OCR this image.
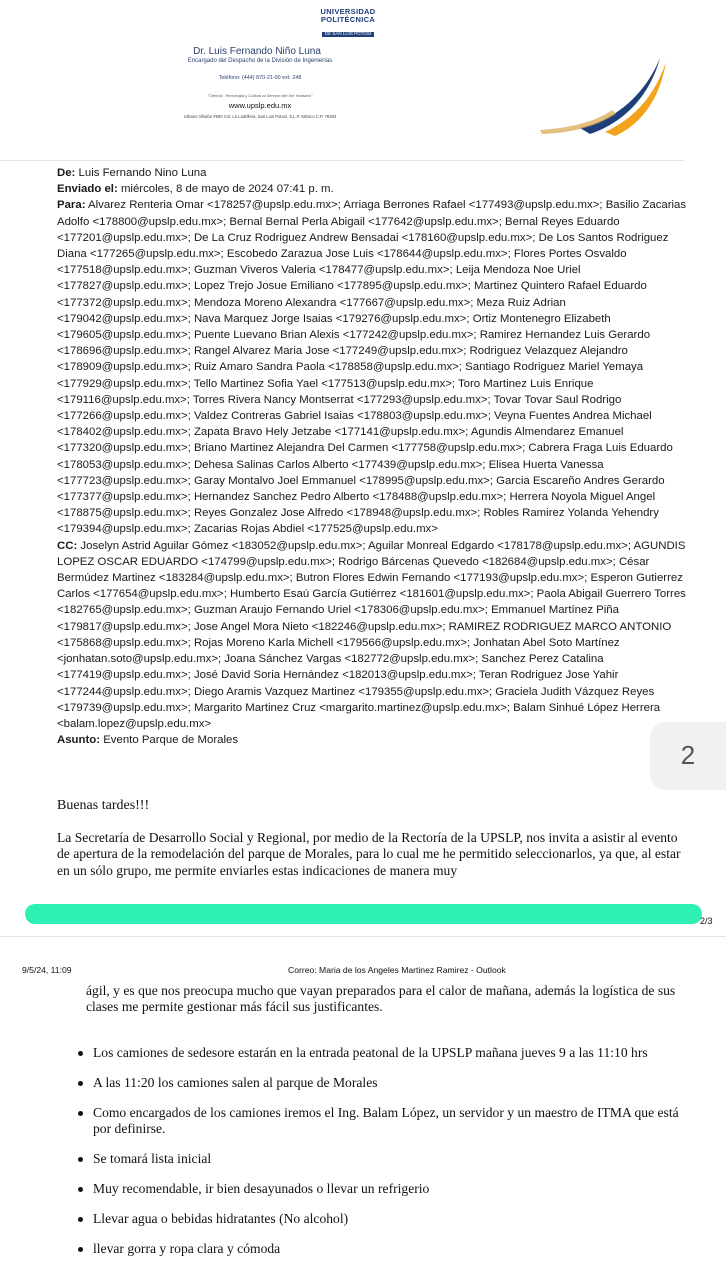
UNIVERSIDAD
POLITÉCNICA
DE SAN LUIS POTOSÍ
Dr. Luis Fernando Niño Luna
Encargado del Despacho de la División de Ingenierías
Teléfono: (444) 870-21-00 ext. 248
"Ciencia, Tecnología y Cultura al Servicio del Ser Humano"
www.upslp.edu.mx
Urbano Villalón #500 Col. La Ladrillera, San Luis Potosí, S.L.P. México C.P. 78363

De: Luis Fernando Nino Luna

Enviado el: miércoles, 8 de mayo de 2024 07:41 p. m.

Para: Alvarez Renteria Omar <178257@upslp.edu.mx>; Arriaga Berrones Rafael <177493@upslp.edu.mx>; Basilio Zacarias Adolfo <178800@upslp.edu.mx>; Bernal Bernal Perla Abigail <177642@upslp.edu.mx>; Bernal Reyes Eduardo <177201@upslp.edu.mx>; De La Cruz Rodriguez Andrew Bensadai <178160@upslp.edu.mx>; De Los Santos Rodriguez Diana <177265@upslp.edu.mx>; Escobedo Zarazua Jose Luis <178644@upslp.edu.mx>; Flores Portes Osvaldo <177518@upslp.edu.mx>; Guzman Viveros Valeria <178477@upslp.edu.mx>; Leija Mendoza Noe Uriel <177827@upslp.edu.mx>; Lopez Trejo Josue Emiliano <177895@upslp.edu.mx>; Martinez Quintero Rafael Eduardo <177372@upslp.edu.mx>; Mendoza Moreno Alexandra <177667@upslp.edu.mx>; Meza Ruiz Adrian <179042@upslp.edu.mx>; Nava Marquez Jorge Isaias <179276@upslp.edu.mx>; Ortiz Montenegro Elizabeth <179605@upslp.edu.mx>; Puente Luevano Brian Alexis <177242@upslp.edu.mx>; Ramirez Hernandez Luis Gerardo <178696@upslp.edu.mx>; Rangel Alvarez Maria Jose <177249@upslp.edu.mx>; Rodriguez Velazquez Alejandro <178909@upslp.edu.mx>; Ruiz Amaro Sandra Paola <178858@upslp.edu.mx>; Santiago Rodriguez Mariel Yemaya <177929@upslp.edu.mx>; Tello Martinez Sofia Yael <177513@upslp.edu.mx>; Toro Martinez Luis Enrique <179116@upslp.edu.mx>; Torres Rivera Nancy Montserrat <177293@upslp.edu.mx>; Tovar Tovar Saul Rodrigo <177266@upslp.edu.mx>; Valdez Contreras Gabriel Isaias <178803@upslp.edu.mx>; Veyna Fuentes Andrea Michael <178402@upslp.edu.mx>; Zapata Bravo Hely Jetzabe <177141@upslp.edu.mx>; Agundis Almendarez Emanuel <177320@upslp.edu.mx>; Briano Martinez Alejandra Del Carmen <177758@upslp.edu.mx>; Cabrera Fraga Luis Eduardo <178053@upslp.edu.mx>; Dehesa Salinas Carlos Alberto <177439@upslp.edu.mx>; Elisea Huerta Vanessa <177723@upslp.edu.mx>; Garay Montalvo Joel Emmanuel <178995@upslp.edu.mx>; Garcia Escareño Andres Gerardo <177377@upslp.edu.mx>; Hernandez Sanchez Pedro Alberto <178488@upslp.edu.mx>; Herrera Noyola Miguel Angel <178875@upslp.edu.mx>; Reyes Gonzalez Jose Alfredo <178948@upslp.edu.mx>; Robles Ramirez Yolanda Yehendry <179394@upslp.edu.mx>; Zacarias Rojas Abdiel <177525@upslp.edu.mx>

CC: Joselyn Astrid Aguilar Gómez <183052@upslp.edu.mx>; Aguilar Monreal Edgardo <178178@upslp.edu.mx>; AGUNDIS LOPEZ OSCAR EDUARDO <174799@upslp.edu.mx>; Rodrigo Bárcenas Quevedo <182684@upslp.edu.mx>; César Bermúdez Martinez <183284@upslp.edu.mx>; Butron Flores Edwin Fernando <177193@upslp.edu.mx>; Esperon Gutierrez Carlos <177654@upslp.edu.mx>; Humberto Esaú García Gutiérrez <181601@upslp.edu.mx>; Paola Abigail Guerrero Torres <182765@upslp.edu.mx>; Guzman Araujo Fernando Uriel <178306@upslp.edu.mx>; Emmanuel Martínez Piña <179817@upslp.edu.mx>; Jose Angel Mora Nieto <182246@upslp.edu.mx>; RAMIREZ RODRIGUEZ MARCO ANTONIO <175868@upslp.edu.mx>; Rojas Moreno Karla Michell <179566@upslp.edu.mx>; Jonhatan Abel Soto Martínez <jonhatan.soto@upslp.edu.mx>; Joana Sánchez Vargas <182772@upslp.edu.mx>; Sanchez Perez Catalina <177419@upslp.edu.mx>; José David Soria Hernández <182013@upslp.edu.mx>; Teran Rodriguez Jose Yahir <177244@upslp.edu.mx>; Diego Aramis Vazquez Martinez <179355@upslp.edu.mx>; Graciela Judith Vázquez Reyes <179739@upslp.edu.mx>; Margarito Martinez Cruz <margarito.martinez@upslp.edu.mx>; Balam Sinhué López Herrera <balam.lopez@upslp.edu.mx>

Asunto: Evento Parque de Morales	2
Buenas tardes!!!
La Secretaría de Desarrollo Social y Regional, por medio de la Rectoría de la UPSLP, nos invita a asistir al evento de apertura de la remodelación del parque de Morales, para lo cual me he permitido seleccionarlos, ya que, al estar en un sólo grupo, me permite enviarles estas indicaciones de manera muy
2/3
9/5/24, 11:09	Correo: Maria de los Angeles Martinez Ramirez - Outlook
ágil, y es que nos preocupa mucho que vayan preparados para el calor de mañana, además la logística de sus clases me permite gestionar más fácil sus justificantes.
Los camiones de sedesore estarán en la entrada peatonal de la UPSLP mañana jueves 9 a las 11:10 hrs
A las 11:20 los camiones salen al parque de Morales
Como encargados de los camiones iremos el Ing. Balam López, un servidor y un maestro de ITMA que está por definirse.
Se tomará lista inicial
Muy recomendable, ir bien desayunados o llevar un refrigerio
Llevar agua o bebidas hidratantes (No alcohol)
llevar gorra y ropa clara y cómoda
